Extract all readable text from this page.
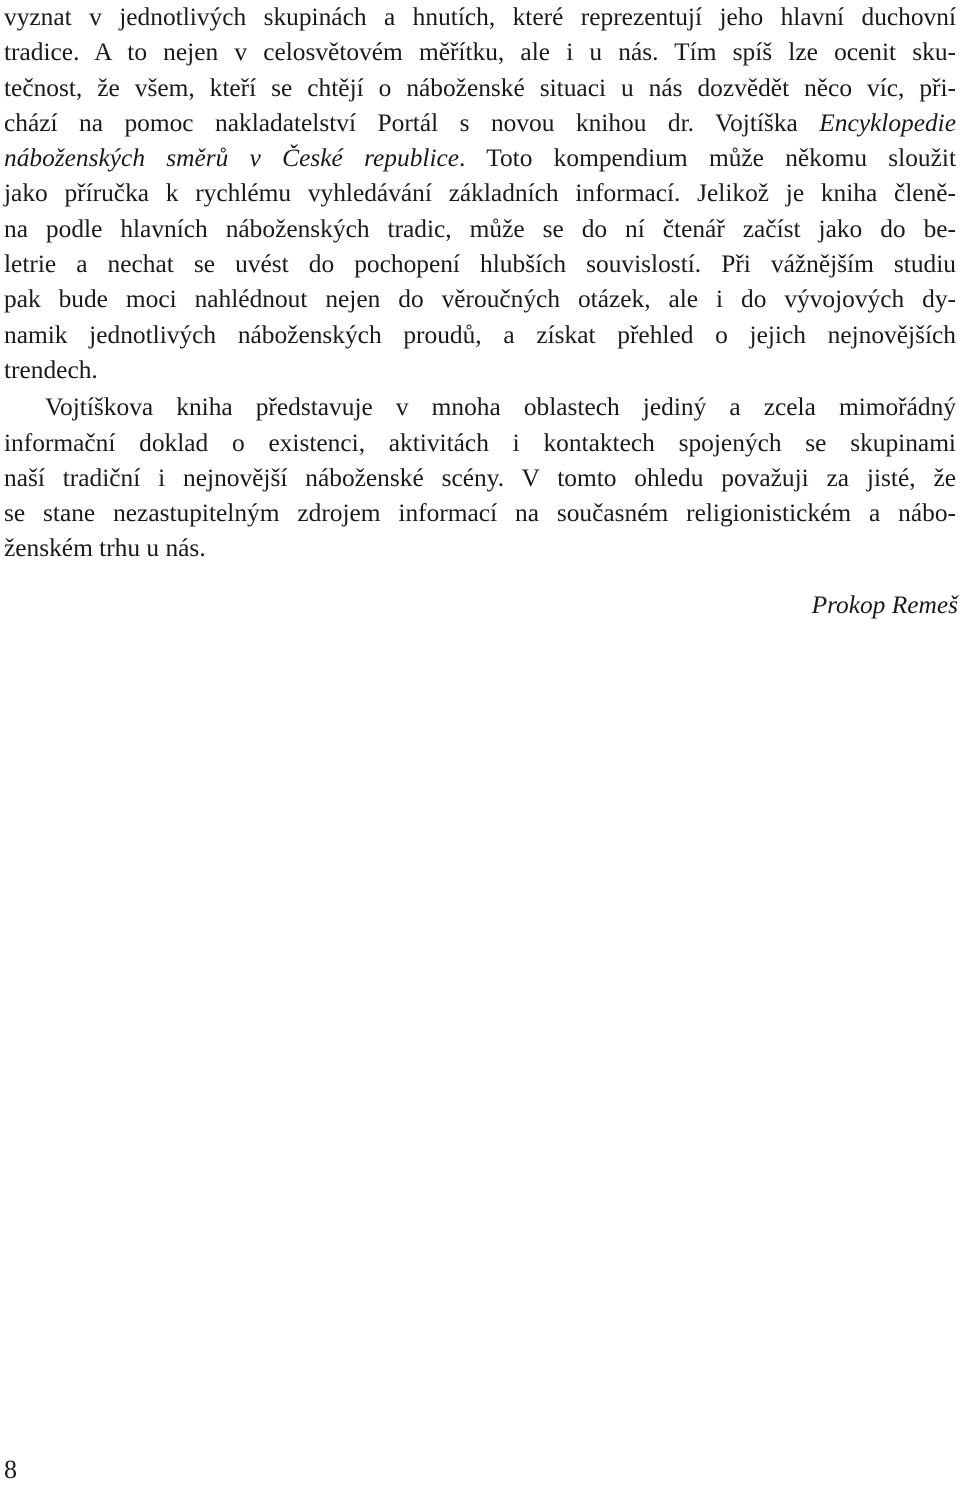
vyznat v jednotlivých skupinách a hnutích, které reprezentují jeho hlavní duchovní
tradice. A to nejen v celosvětovém měřítku, ale i u nás. Tím spíš lze ocenit sku-
tečnost, že všem, kteří se chtějí o náboženské situaci u nás dozvědět něco víc, při-
chází na pomoc nakladatelství Portál s novou knihou dr. Vojtíška Encyklopedie
náboženských směrů v České republice. Toto kompendium může někomu sloužit
jako příručka k rychlému vyhledávání základních informací. Jelikož je kniha členě-
na podle hlavních náboženských tradic, může se do ní čtenář začíst jako do be-
letrie a nechat se uvést do pochopení hlubších souvislostí. Při vážnějším studiu
pak bude moci nahlédnout nejen do věroučných otázek, ale i do vývojových dy-
namik jednotlivých náboženských proudů, a získat přehled o jejich nejnovějších
trendech.

Vojtíškova kniha představuje v mnoha oblastech jediný a zcela mimořádný
informační doklad o existenci, aktivitách i kontaktech spojených se skupinami
naší tradiční i nejnovější náboženské scény. V tomto ohledu považuji za jisté, že
se stane nezastupitelným zdrojem informací na současném religionistickém a nábo-
ženském trhu u nás.

Prokop Remeš
8
